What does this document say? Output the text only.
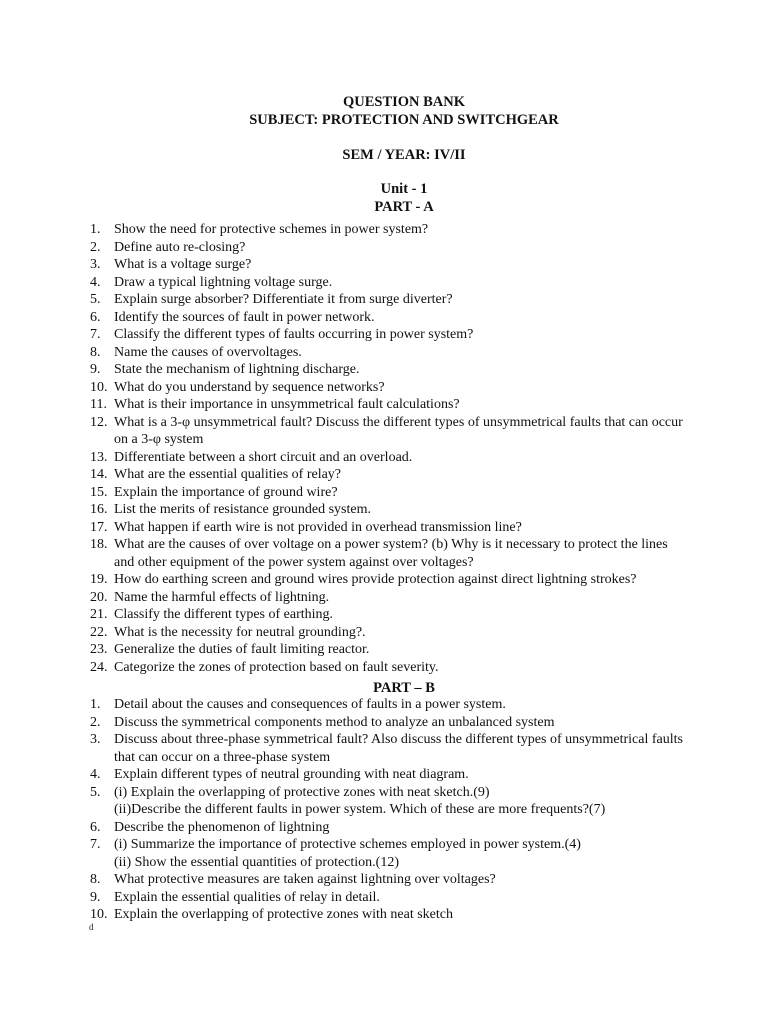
QUESTION BANK
SUBJECT: PROTECTION AND SWITCHGEAR
SEM / YEAR: IV/II
Unit - 1
PART - A
1. Show the need for protective schemes in power system?
2. Define auto re-closing?
3. What is a voltage surge?
4. Draw a typical lightning voltage surge.
5. Explain surge absorber? Differentiate it from surge diverter?
6. Identify the sources of fault in power network.
7. Classify the different types of faults occurring in power system?
8. Name the causes of overvoltages.
9. State the mechanism of lightning discharge.
10. What do you understand by sequence networks?
11. What is their importance in unsymmetrical fault calculations?
12. What is a 3-φ unsymmetrical fault? Discuss the different types of unsymmetrical faults that can occur on a 3-φ system
13. Differentiate between a short circuit and an overload.
14. What are the essential qualities of relay?
15. Explain the importance of ground wire?
16. List the merits of resistance grounded system.
17. What happen if earth wire is not provided in overhead transmission line?
18. What are the causes of over voltage on a power system? (b) Why is it necessary to protect the lines and other equipment of the power system against over voltages?
19. How do earthing screen and ground wires provide protection against direct lightning strokes?
20. Name the harmful effects of lightning.
21. Classify the different types of earthing.
22. What is the necessity for neutral grounding?.
23. Generalize the duties of fault limiting reactor.
24. Categorize the zones of protection based on fault severity.
PART – B
1. Detail about the causes and consequences of faults in a power system.
2. Discuss the symmetrical components method to analyze an unbalanced system
3. Discuss about three-phase symmetrical fault? Also discuss the different types of unsymmetrical faults that can occur on a three-phase system
4. Explain different types of neutral grounding with neat diagram.
5. (i) Explain the overlapping of protective zones with neat sketch.(9)
(ii)Describe the different faults in power system. Which of these are more frequents?(7)
6. Describe the phenomenon of lightning
7. (i) Summarize the importance of protective schemes employed in power system.(4)
(ii) Show the essential quantities of protection.(12)
8. What protective measures are taken against lightning over voltages?
9. Explain the essential qualities of relay in detail.
10. Explain the overlapping of protective zones with neat sketch
d
